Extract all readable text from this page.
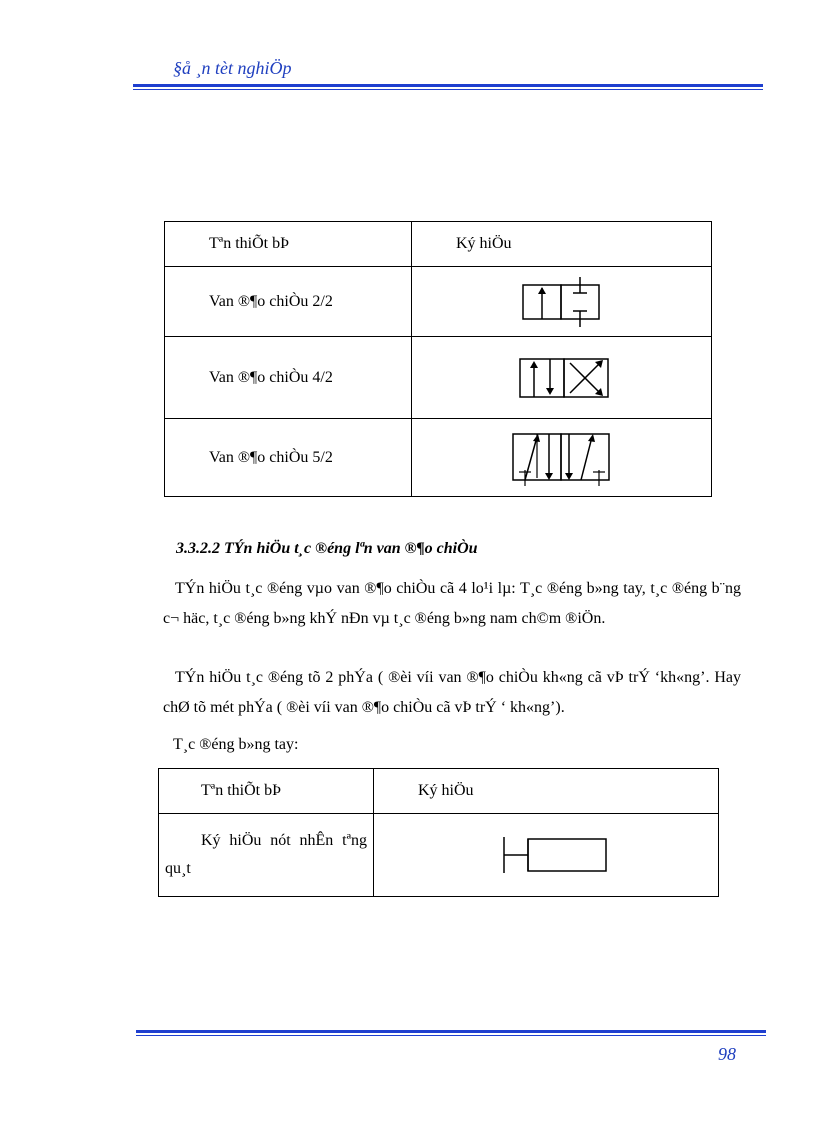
§å ¸n tèt nghiÖp
Tªn thiÕt bÞ	Ký hiÖu
Van ®¶o chiÒu 2/2	

Van ®¶o chiÒu 4/2	

Van ®¶o chiÒu 5/2	
3.3.2.2 TÝn hiÖu t¸c ®éng lªn van ®¶o chiÒu
TÝn hiÖu t¸c ®éng vµo van ®¶o chiÒu cã 4 lo¹i lµ: T¸c ®éng b»ng tay, t¸c ®éng b¨ng c¬ häc, t¸c ®éng b»ng khÝ nÐn vµ t¸c ®éng b»ng nam ch©m ®iÖn.
TÝn hiÖu t¸c ®éng tõ 2 phÝa ( ®èi víi van ®¶o chiÒu kh«ng cã vÞ trÝ ‘kh«ng’. Hay chØ tõ mét phÝa ( ®èi víi van ®¶o chiÒu cã vÞ trÝ ‘ kh«ng’).
T¸c ®éng b»ng tay:
Tªn thiÕt bÞ	Ký hiÖu
Ký hiÖu nót nhÊn tªng qu¸t	
98
